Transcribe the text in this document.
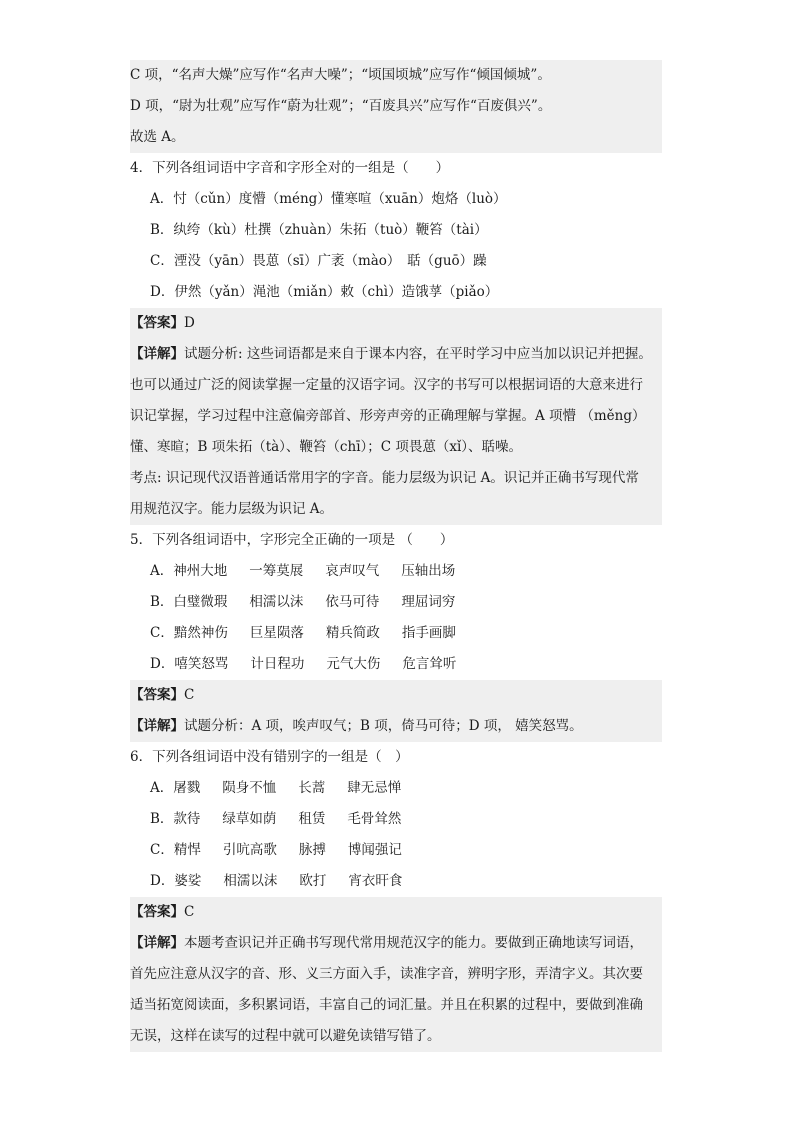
C 项，“名声大燥”应写作“名声大噪”；“顷国顷城”应写作“倾国倾城”。
D 项，“尉为壮观”应写作“蔚为壮观”；“百废具兴”应写作“百废俱兴”。
故选 A。
4．下列各组词语中字音和字形全对的一组是（　　）
A．忖（cǔn）度懵（méng）懂寒喧（xuān）炮烙（luò）
B．纨绔（kù）杜撰（zhuàn）朱拓（tuò）鞭笞（tài）
C．湮没（yān）畏葸（sī）广袤（mào）　聒（guō）躁
D．伊然（yǎn）渑池（miǎn）敕（chì）造饿莩（piǎo）
【答案】D
【详解】试题分析: 这些词语都是来自于课本内容，在平时学习中应当加以识记并把握。
也可以通过广泛的阅读掌握一定量的汉语字词。汉字的书写可以根据词语的大意来进行
识记掌握，学习过程中注意偏旁部首、形旁声旁的正确理解与掌握。A 项懵 （měng）
懂、寒暄；B 项朱拓（tà）、鞭笞（chī）；C 项畏葸（xǐ）、聒噪。
考点: 识记现代汉语普通话常用字的字音。能力层级为识记 A。识记并正确书写现代常
用规范汉字。能力层级为识记 A。
5．下列各组词语中，字形完全正确的一项是 （　　）
A．神州大地 一筹莫展 哀声叹气 压轴出场
B．白璧微瑕 相濡以沫 依马可待 理屈词穷
C．黯然神伤 巨星陨落 精兵简政 指手画脚
D．嘻笑怒骂 计日程功 元气大伤 危言耸听
【答案】C
【详解】试题分析：A 项，唉声叹气；B 项，倚马可待；D 项， 嬉笑怒骂。
6．下列各组词语中没有错别字的一组是（　）
A．屠戮 陨身不恤 长蒿 肆无忌惮
B．款待 绿草如荫 租赁 毛骨耸然
C．精悍 引吭高歌 脉搏 博闻强记
D．婆娑 相濡以沫 欧打 宵衣旰食
【答案】C
【详解】本题考查识记并正确书写现代常用规范汉字的能力。要做到正确地读写词语，
首先应注意从汉字的音、形、义三方面入手，读准字音，辨明字形，弄清字义。其次要
适当拓宽阅读面，多积累词语，丰富自己的词汇量。并且在积累的过程中，要做到准确
无误，这样在读写的过程中就可以避免读错写错了。
